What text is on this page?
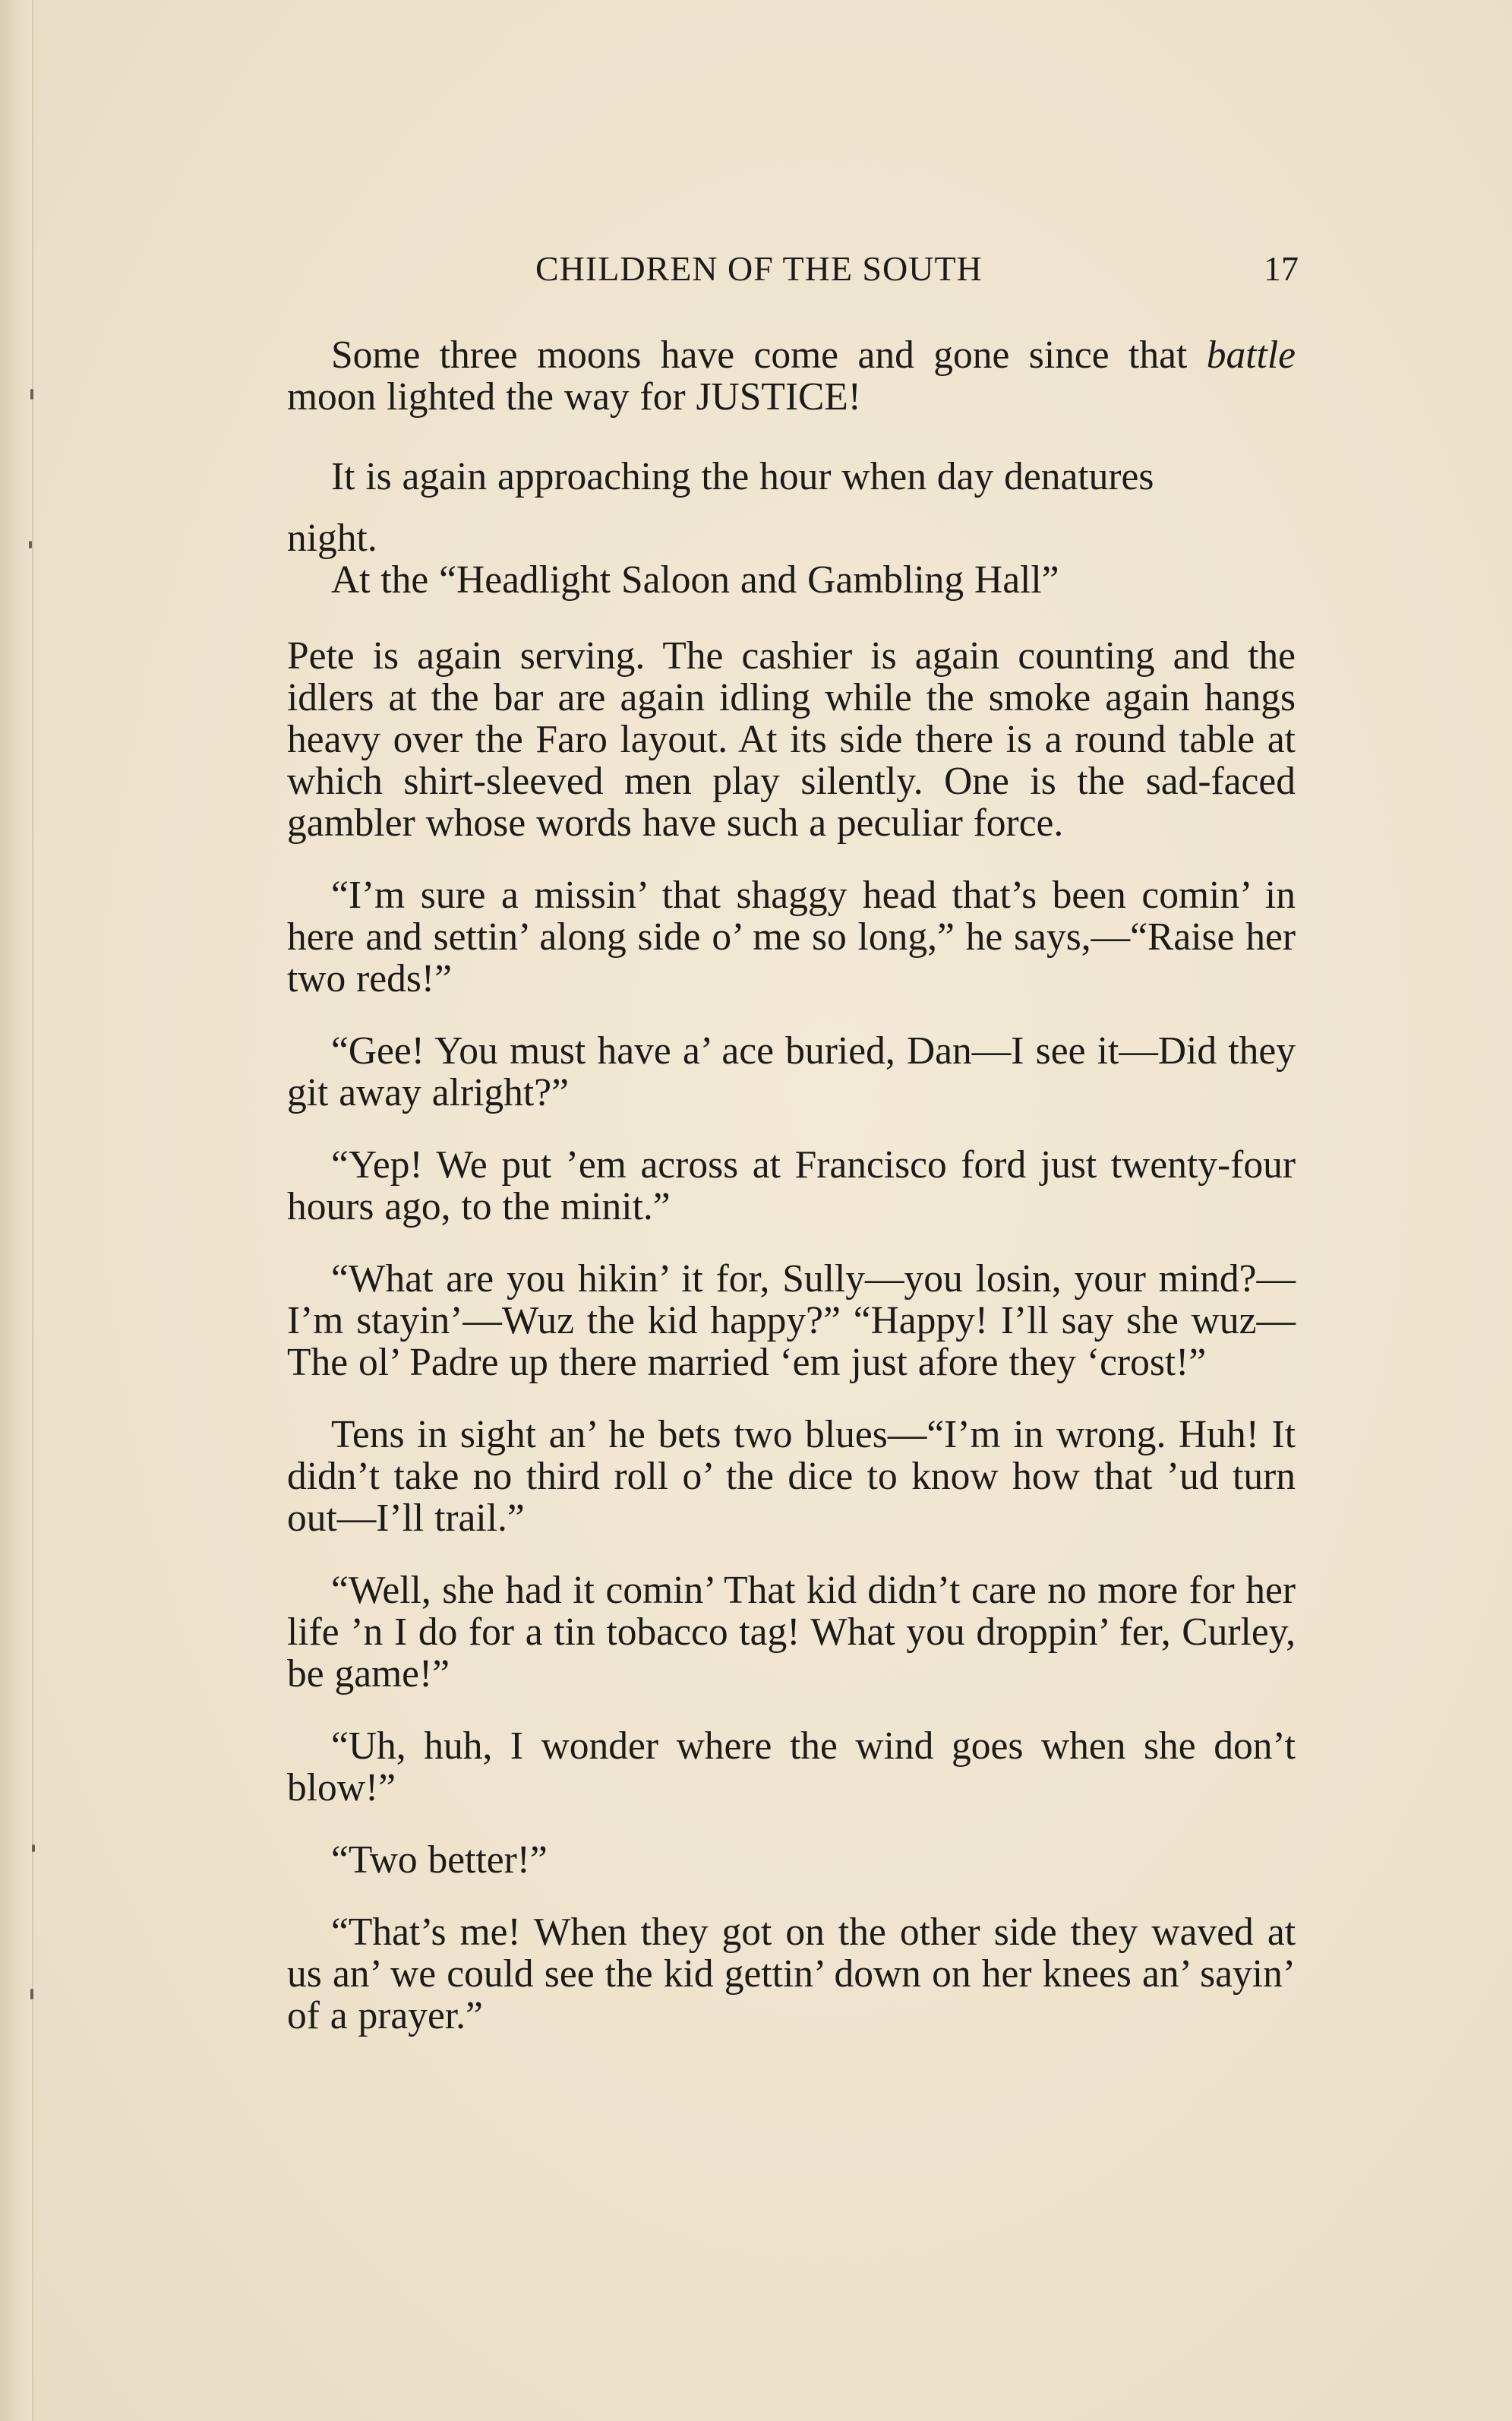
CHILDREN OF THE SOUTH	17

Some three moons have come and gone since that battle moon lighted the way for JUSTICE!

It is again approaching the hour when day denatures

night.

At the “Headlight Saloon and Gambling Hall”

Pete is again serving. The cashier is again counting and the idlers at the bar are again idling while the smoke again hangs heavy over the Faro layout. At its side there is a round table at which shirt-sleeved men play silently. One is the sad-faced gambler whose words have such a peculiar force.

“I’m sure a missin’ that shaggy head that’s been comin’ in here and settin’ along side o’ me so long,” he says,—“Raise her two reds!”

“Gee! You must have a’ ace buried, Dan—I see it—Did they git away alright?”

“Yep! We put ’em across at Francisco ford just twenty-four hours ago, to the minit.”

“What are you hikin’ it for, Sully—you losin, your mind?—I’m stayin’—Wuz the kid happy?” “Happy! I’ll say she wuz—The ol’ Padre up there married ‘em just afore they ‘crost!”

Tens in sight an’ he bets two blues—“I’m in wrong. Huh! It didn’t take no third roll o’ the dice to know how that ’ud turn out—I’ll trail.”

“Well, she had it comin’ That kid didn’t care no more for her life ’n I do for a tin tobacco tag! What you droppin’ fer, Curley, be game!”

“Uh, huh, I wonder where the wind goes when she don’t blow!”

“Two better!”

“That’s me! When they got on the other side they waved at us an’ we could see the kid gettin’ down on her knees an’ sayin’ of a prayer.”
